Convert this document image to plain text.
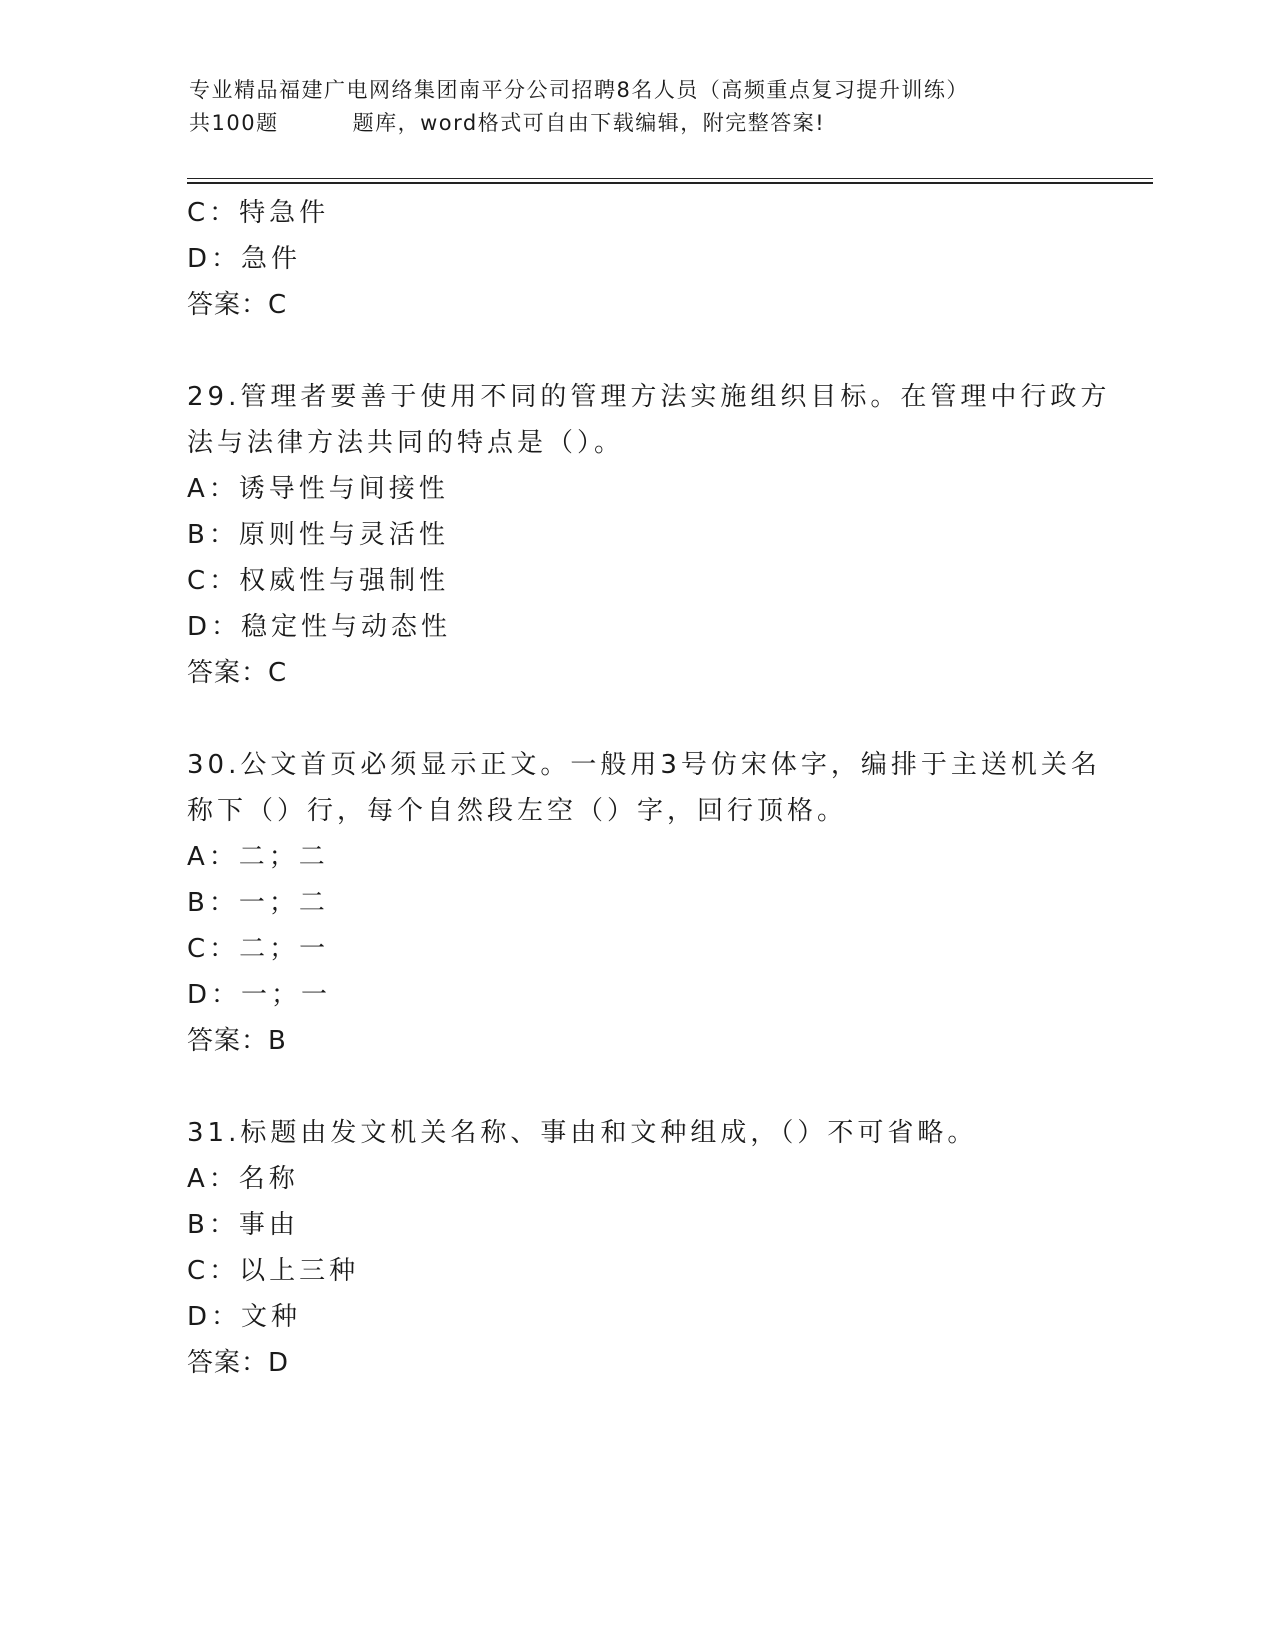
专业精品福建广电网络集团南平分公司招聘8名人员（高频重点复习提升训练）
共100题	题库，word格式可自由下载编辑，附完整答案!
C：特急件
D：急件
答案：C
29.管理者要善于使用不同的管理方法实施组织目标。在管理中行政方
法与法律方法共同的特点是（）。
A：诱导性与间接性
B：原则性与灵活性
C：权威性与强制性
D：稳定性与动态性
答案：C
30.公文首页必须显示正文。一般用3号仿宋体字，编排于主送机关名
称下（）行，每个自然段左空（）字，回行顶格。
A：二；二
B：一；二
C：二；一
D：一；一
答案：B
31.标题由发文机关名称、事由和文种组成，（）不可省略。
A：名称
B：事由
C：以上三种
D：文种
答案：D
